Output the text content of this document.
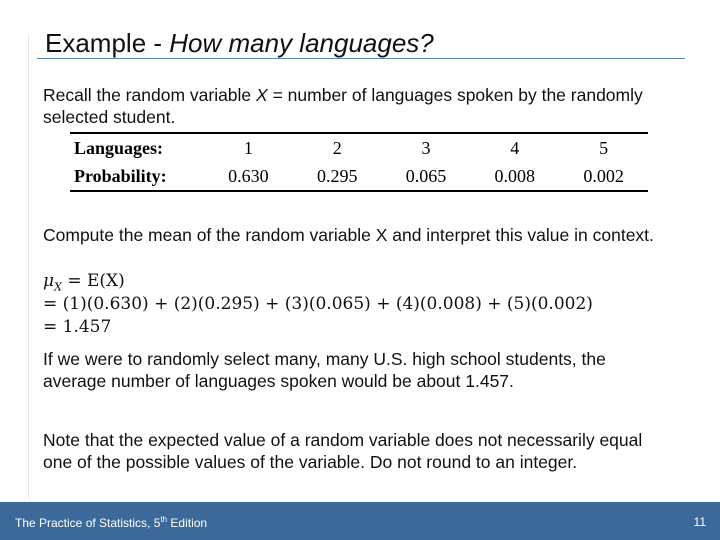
Example - How many languages?
Recall the random variable X = number of languages spoken by the randomly selected student.
Languages:	1	2	3	4	5
Probability:	0.630	0.295	0.065	0.008	0.002
Compute the mean of the random variable X and interpret this value in context.
$\mu_X = E(X)$
= (1)(0.630) + (2)(0.295) + (3)(0.065) + (4)(0.008) + (5)(0.002)
= 1.457
If we were to randomly select many, many U.S. high school students, the average number of languages spoken would be about 1.457.
Note that the expected value of a random variable does not necessarily equal one of the possible values of the variable. Do not round to an integer.
The Practice of Statistics, 5th Edition	11
